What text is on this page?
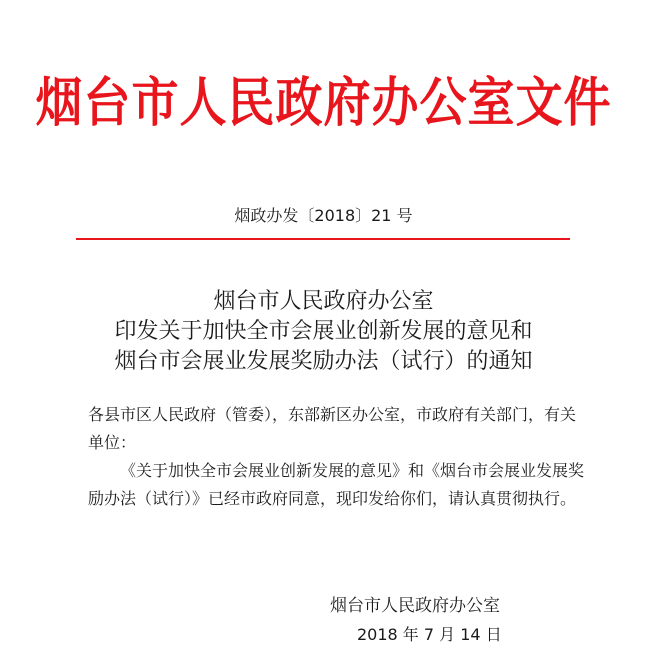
烟台市人民政府办公室文件
烟政办发〔2018〕21 号
烟台市人民政府办公室
印发关于加快全市会展业创新发展的意见和
烟台市会展业发展奖励办法（试行）的通知

各县市区人民政府（管委），东部新区办公室，市政府有关部门，有关单位：

《关于加快全市会展业创新发展的意见》和《烟台市会展业发展奖励办法（试行）》已经市政府同意，现印发给你们，请认真贯彻执行。

烟台市人民政府办公室
2018 年 7 月 14 日
